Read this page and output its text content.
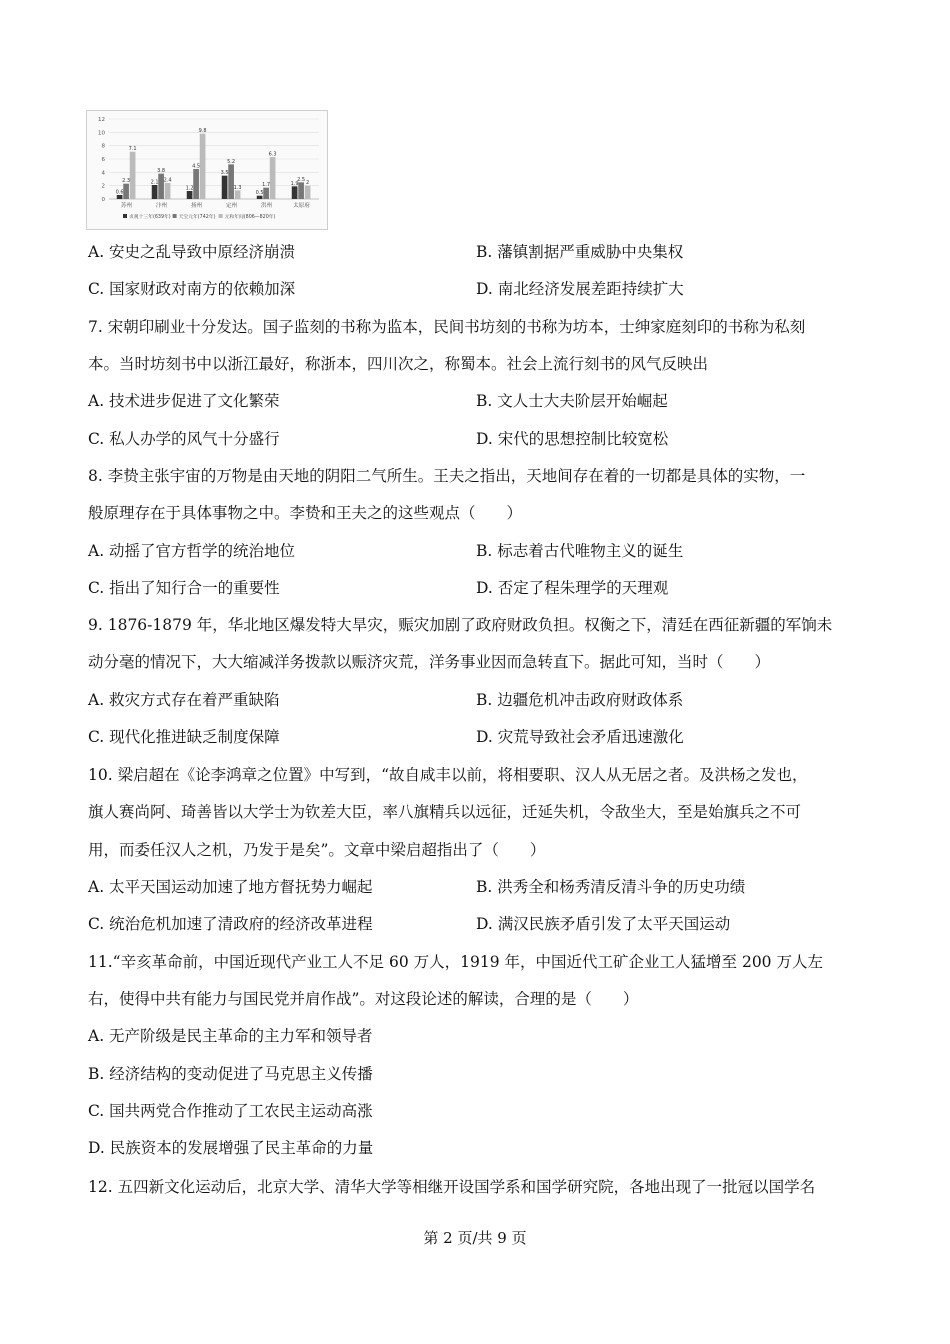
0
2
4
6
8
10
12
0.6
2.3
7.1
苏州
2.1
3.8
2.4
汴州
1.2
4.5
9.8
扬州
3.5
5.2
1.3
定州
0.5
1.7
6.3
洪州
1.9
2.5
2
太原府
贞观十三年(639年) 天宝元年(742年) 元和年间(806—820年)
A. 安史之乱导致中原经济崩溃	B. 藩镇割据严重威胁中央集权
C. 国家财政对南方的依赖加深	D. 南北经济发展差距持续扩大
7. 宋朝印刷业十分发达。国子监刻的书称为监本，民间书坊刻的书称为坊本，士绅家庭刻印的书称为私刻
本。当时坊刻书中以浙江最好，称浙本，四川次之，称蜀本。社会上流行刻书的风气反映出
A. 技术进步促进了文化繁荣	B. 文人士大夫阶层开始崛起
C. 私人办学的风气十分盛行	D. 宋代的思想控制比较宽松
8. 李贽主张宇宙的万物是由天地的阴阳二气所生。王夫之指出，天地间存在着的一切都是具体的实物，一
般原理存在于具体事物之中。李贽和王夫之的这些观点（　　）
A. 动摇了官方哲学的统治地位	B. 标志着古代唯物主义的诞生
C. 指出了知行合一的重要性	D. 否定了程朱理学的天理观
9. 1876-1879 年，华北地区爆发特大旱灾，赈灾加剧了政府财政负担。权衡之下，清廷在西征新疆的军饷未
动分毫的情况下，大大缩减洋务拨款以赈济灾荒，洋务事业因而急转直下。据此可知，当时（　　）
A. 救灾方式存在着严重缺陷	B. 边疆危机冲击政府财政体系
C. 现代化推进缺乏制度保障	D. 灾荒导致社会矛盾迅速激化
10. 梁启超在《论李鸿章之位置》中写到，“故自咸丰以前，将相要职、汉人从无居之者。及洪杨之发也，
旗人赛尚阿、琦善皆以大学士为钦差大臣，率八旗精兵以远征，迁延失机，令敌坐大，至是始旗兵之不可
用，而委任汉人之机，乃发于是矣”。文章中梁启超指出了（　　）
A. 太平天国运动加速了地方督抚势力崛起	B. 洪秀全和杨秀清反清斗争的历史功绩
C. 统治危机加速了清政府的经济改革进程	D. 满汉民族矛盾引发了太平天国运动
11.“辛亥革命前，中国近现代产业工人不足 60 万人，1919 年，中国近代工矿企业工人猛增至 200 万人左
右，使得中共有能力与国民党并肩作战”。对这段论述的解读，合理的是（　　）
A. 无产阶级是民主革命的主力军和领导者
B. 经济结构的变动促进了马克思主义传播
C. 国共两党合作推动了工农民主运动高涨
D. 民族资本的发展增强了民主革命的力量
12. 五四新文化运动后，北京大学、清华大学等相继开设国学系和国学研究院，各地出现了一批冠以国学名
第 2 页/共 9 页
